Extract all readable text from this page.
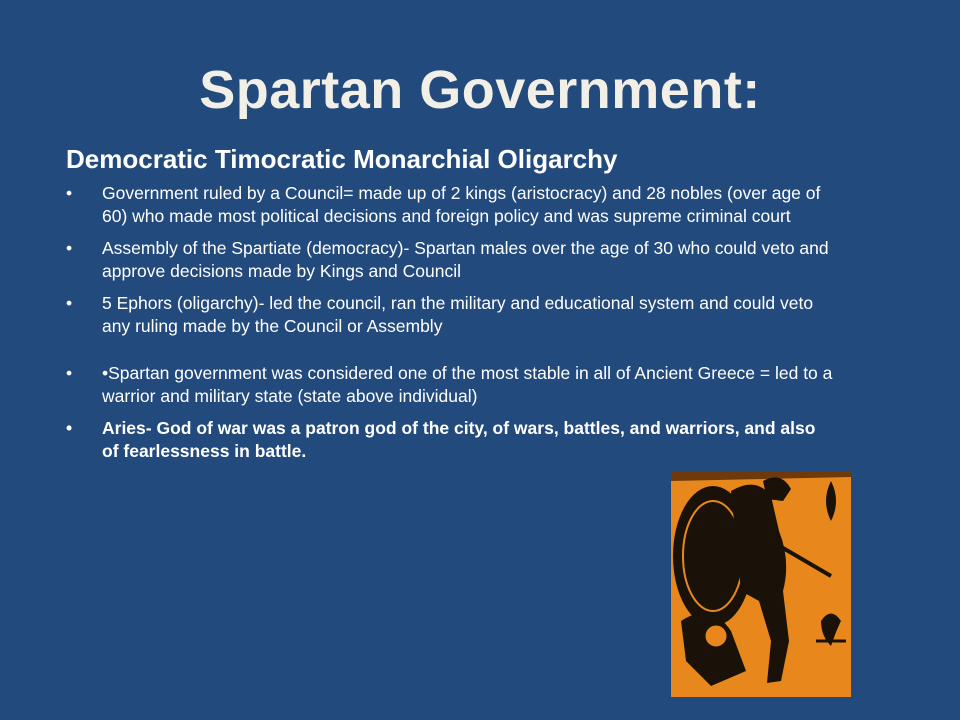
Spartan Government:
Democratic Timocratic Monarchial Oligarchy
•	Government ruled by a Council= made up of 2 kings (aristocracy) and 28 nobles (over age of 60) who made most political decisions and foreign policy and was supreme criminal court
•	Assembly of the Spartiate (democracy)- Spartan males over the age of 30 who could veto and approve decisions made by Kings and Council
•	5 Ephors (oligarchy)- led the council, ran the military and educational system and could veto any ruling made by the Council or Assembly
•	•Spartan government was considered one of the most stable in all of Ancient Greece = led to a warrior and military state (state above individual)
•	Aries- God of war was a patron god of the city, of wars, battles, and warriors, and also of fearlessness in battle.
